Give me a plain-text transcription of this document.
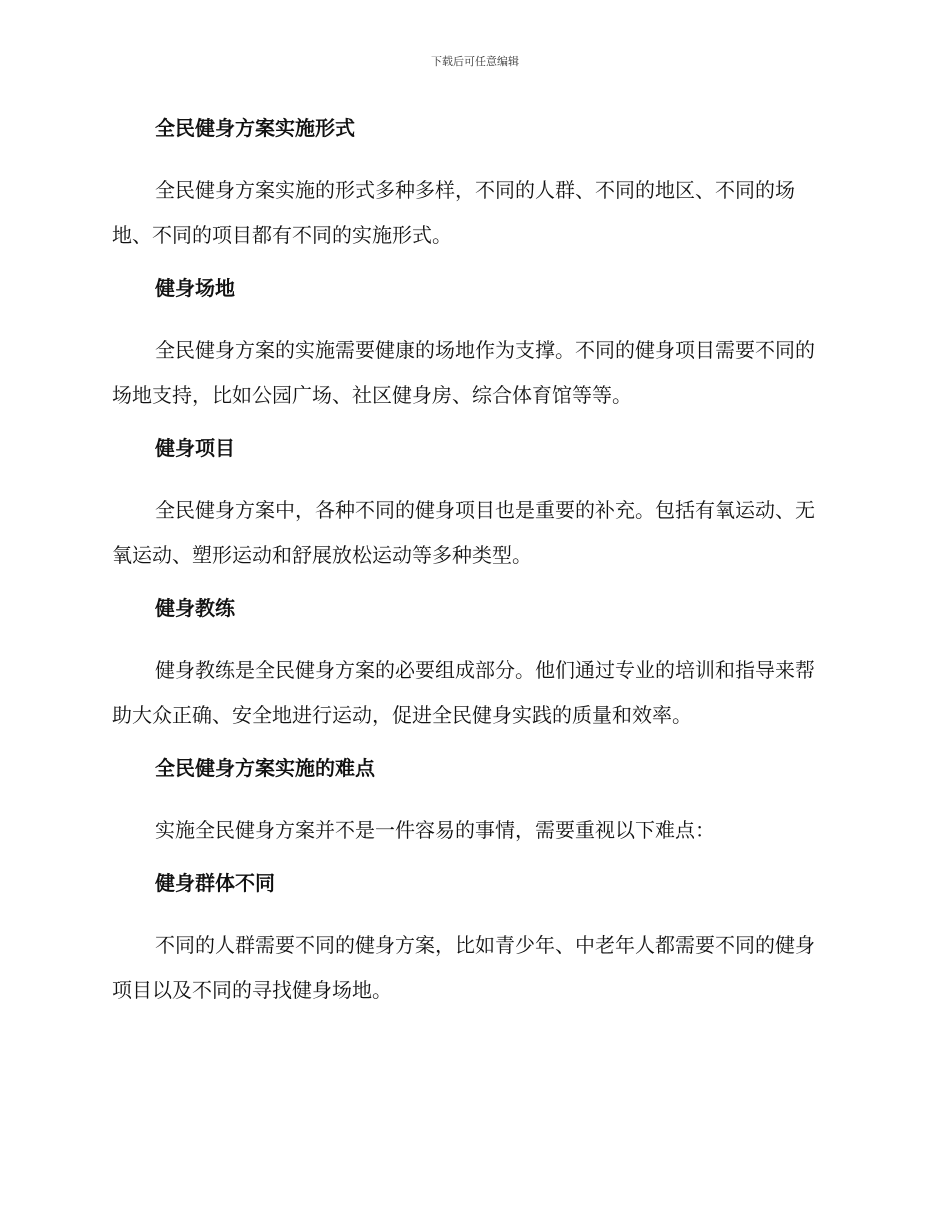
下载后可任意编辑
全民健身方案实施形式

全民健身方案实施的形式多种多样，不同的人群、不同的地区、不同的场地、不同的项目都有不同的实施形式。

健身场地

全民健身方案的实施需要健康的场地作为支撑。不同的健身项目需要不同的场地支持，比如公园广场、社区健身房、综合体育馆等等。

健身项目

全民健身方案中，各种不同的健身项目也是重要的补充。包括有氧运动、无氧运动、塑形运动和舒展放松运动等多种类型。

健身教练

健身教练是全民健身方案的必要组成部分。他们通过专业的培训和指导来帮助大众正确、安全地进行运动，促进全民健身实践的质量和效率。

全民健身方案实施的难点

实施全民健身方案并不是一件容易的事情，需要重视以下难点：

健身群体不同

不同的人群需要不同的健身方案，比如青少年、中老年人都需要不同的健身项目以及不同的寻找健身场地。
